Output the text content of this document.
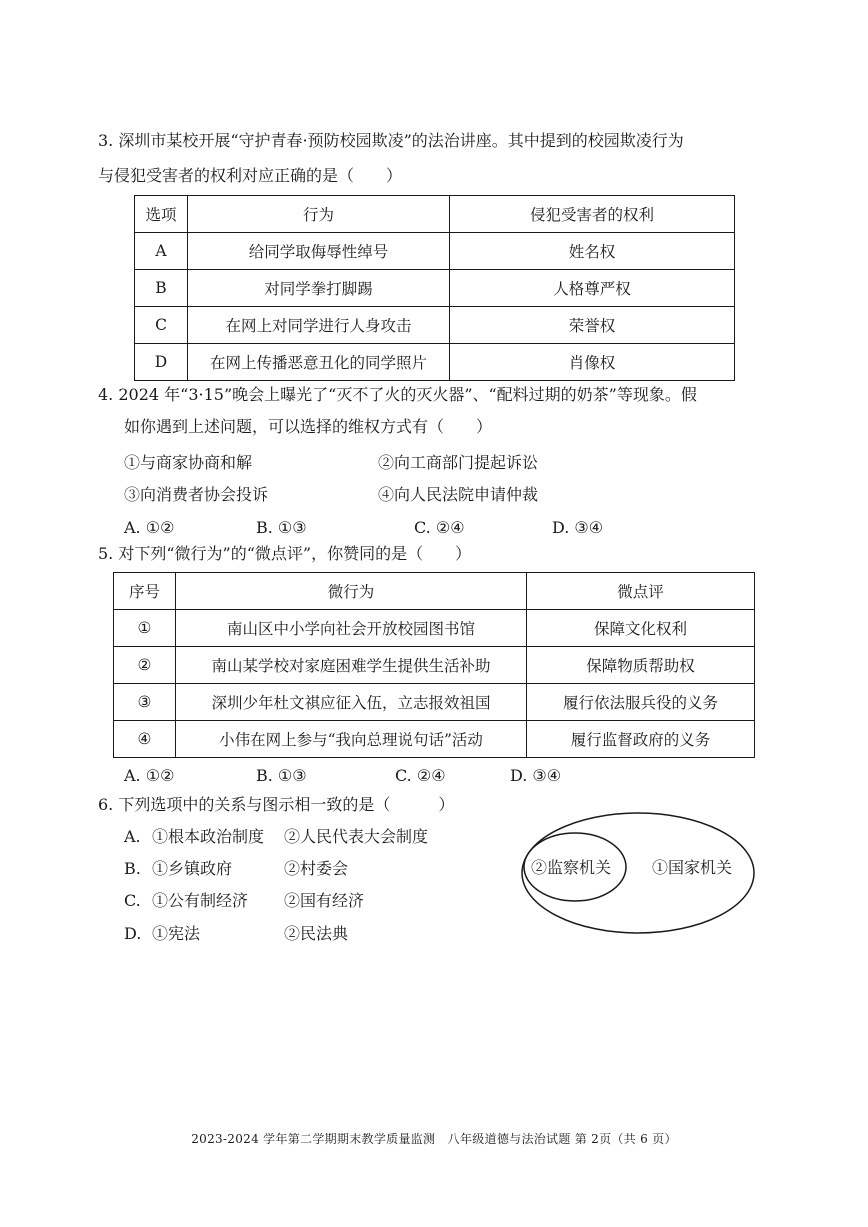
3. 深圳市某校开展“守护青春·预防校园欺凌”的法治讲座。其中提到的校园欺凌行为
与侵犯受害者的权利对应正确的是（　　）
选项	行为	侵犯受害者的权利
A	给同学取侮辱性绰号	姓名权
B	对同学拳打脚踢	人格尊严权
C	在网上对同学进行人身攻击	荣誉权
D	在网上传播恶意丑化的同学照片	肖像权
4. 2024 年“3·15”晚会上曝光了“灭不了火的灭火器”、“配料过期的奶茶”等现象。假
如你遇到上述问题，可以选择的维权方式有（　　）
①与商家协商和解	②向工商部门提起诉讼
③向消费者协会投诉	④向人民法院申请仲裁
A. ①②	B. ①③	C. ②④	D. ③④
5. 对下列“微行为”的“微点评”，你赞同的是（　　）
序号	微行为	微点评
①	南山区中小学向社会开放校园图书馆	保障文化权利
②	南山某学校对家庭困难学生提供生活补助	保障物质帮助权
③	深圳少年杜文祺应征入伍，立志报效祖国	履行依法服兵役的义务
④	小伟在网上参与“我向总理说句话”活动	履行监督政府的义务
A. ①②	B. ①③	C. ②④	D. ③④
6. 下列选项中的关系与图示相一致的是（　　　）
A. ①根本政治制度 ②人民代表大会制度
B. ①乡镇政府	②村委会
C. ①公有制经济 ②国有经济
D. ①宪法	②民法典
②监察机关	①国家机关
2023-2024 学年第二学期期末教学质量监测　八年级道德与法治试题 第 2页（共 6 页）
